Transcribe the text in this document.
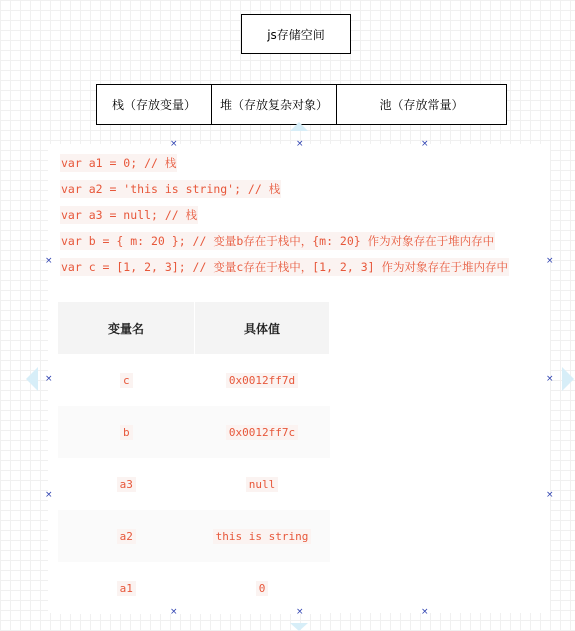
js存储空间
栈（存放变量） 堆（存放复杂对象）	池（存放常量）
var a1 = 0; // 栈
var a2 = 'this is string'; // 栈
var a3 = null; // 栈
var b = { m: 20 }; // 变量b存在于栈中，{m: 20} 作为对象存在于堆内存中
var c = [1, 2, 3]; // 变量c存在于栈中，[1, 2, 3] 作为对象存在于堆内存中
变量名	具体值
c	0x0012ff7d
b	0x0012ff7c
a3	null
a2	this is string
a1	0
×	×	×
×	×
×	×
×	×
×	×	×
